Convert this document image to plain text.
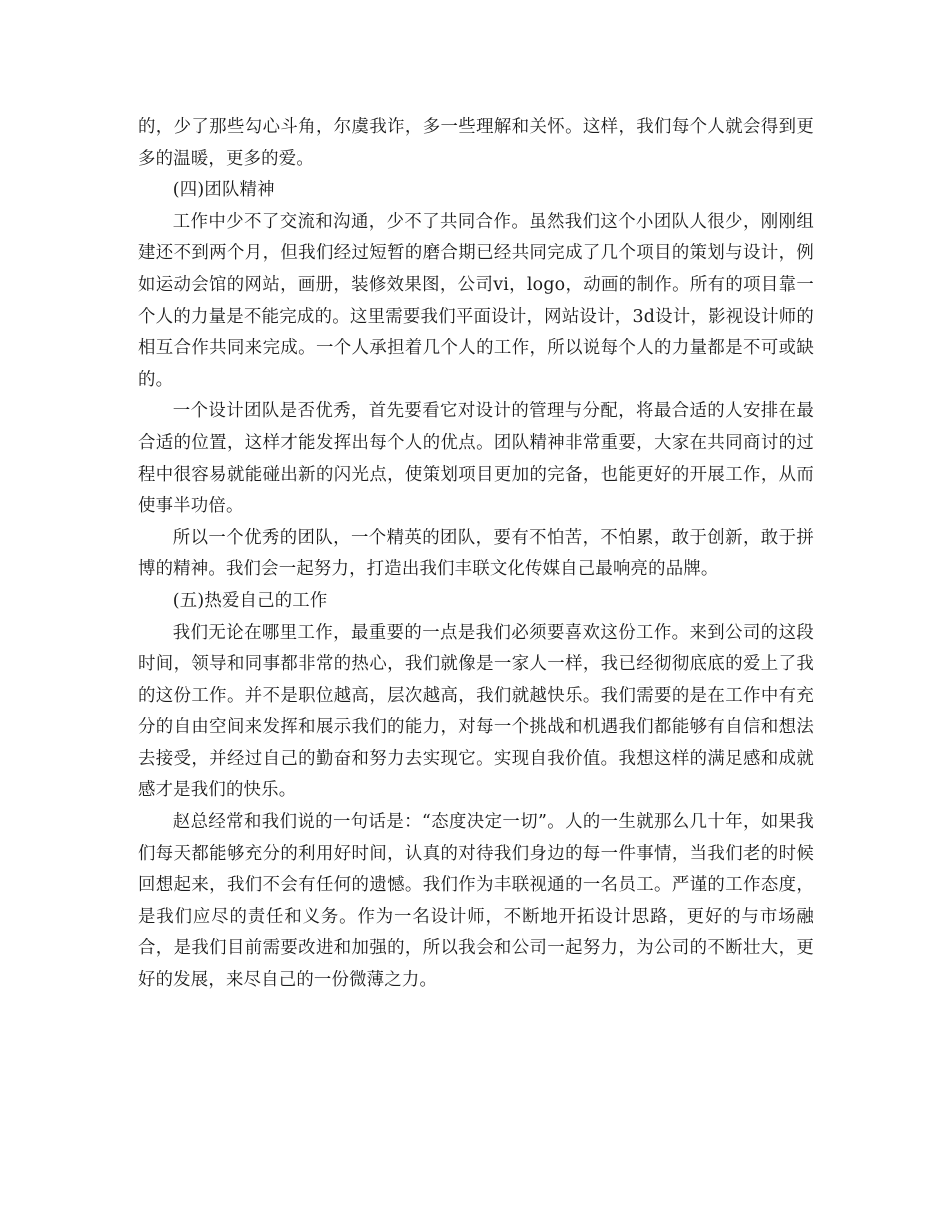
的，少了那些勾心斗角，尔虞我诈，多一些理解和关怀。这样，我们每个人就会得到更多的温暖，更多的爱。

(四)团队精神

工作中少不了交流和沟通，少不了共同合作。虽然我们这个小团队人很少，刚刚组建还不到两个月，但我们经过短暂的磨合期已经共同完成了几个项目的策划与设计，例如运动会馆的网站，画册，装修效果图，公司vi，logo，动画的制作。所有的项目靠一个人的力量是不能完成的。这里需要我们平面设计，网站设计，3d设计，影视设计师的相互合作共同来完成。一个人承担着几个人的工作，所以说每个人的力量都是不可或缺的。

一个设计团队是否优秀，首先要看它对设计的管理与分配，将最合适的人安排在最合适的位置，这样才能发挥出每个人的优点。团队精神非常重要，大家在共同商讨的过程中很容易就能碰出新的闪光点，使策划项目更加的完备，也能更好的开展工作，从而使事半功倍。

所以一个优秀的团队，一个精英的团队，要有不怕苦，不怕累，敢于创新，敢于拼博的精神。我们会一起努力，打造出我们丰联文化传媒自己最响亮的品牌。

(五)热爱自己的工作

我们无论在哪里工作，最重要的一点是我们必须要喜欢这份工作。来到公司的这段时间，领导和同事都非常的热心，我们就像是一家人一样，我已经彻彻底底的爱上了我的这份工作。并不是职位越高，层次越高，我们就越快乐。我们需要的是在工作中有充分的自由空间来发挥和展示我们的能力，对每一个挑战和机遇我们都能够有自信和想法去接受，并经过自己的勤奋和努力去实现它。实现自我价值。我想这样的满足感和成就感才是我们的快乐。

赵总经常和我们说的一句话是：“态度决定一切”。人的一生就那么几十年，如果我们每天都能够充分的利用好时间，认真的对待我们身边的每一件事情，当我们老的时候回想起来，我们不会有任何的遗憾。我们作为丰联视通的一名员工。严谨的工作态度，是我们应尽的责任和义务。作为一名设计师，不断地开拓设计思路，更好的与市场融合，是我们目前需要改进和加强的，所以我会和公司一起努力，为公司的不断壮大，更好的发展，来尽自己的一份微薄之力。
